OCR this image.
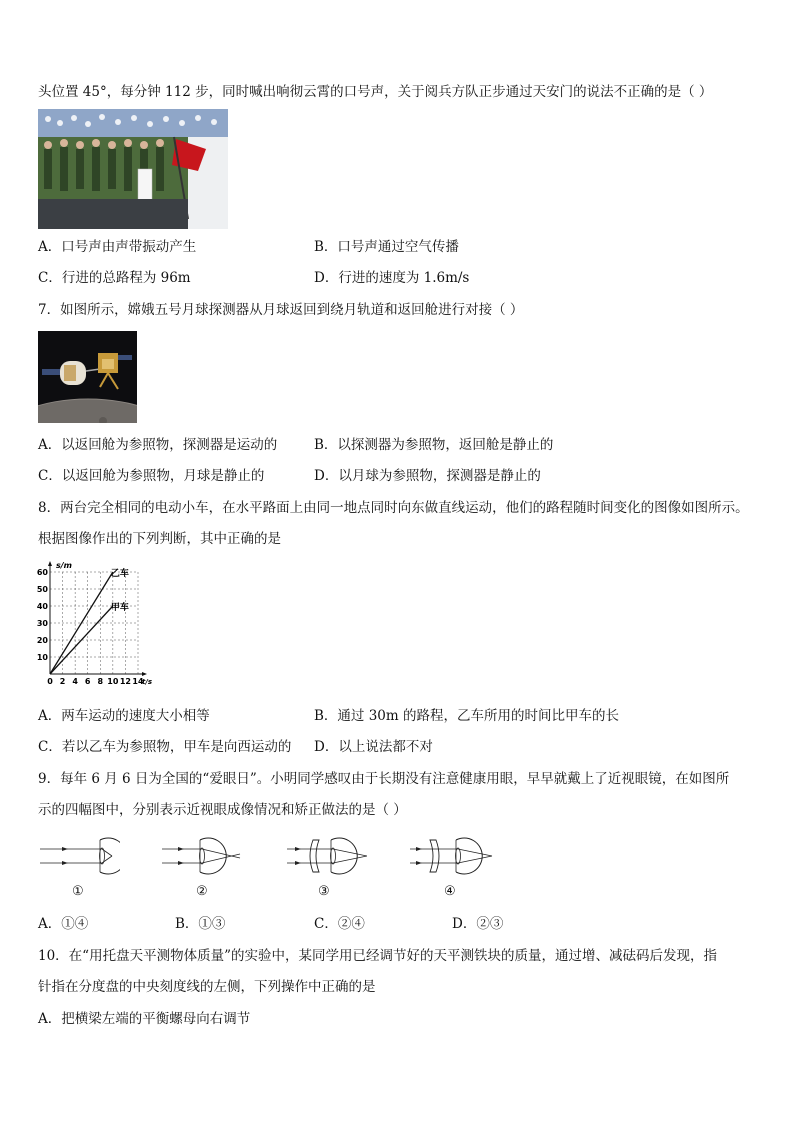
头位置 45°，每分钟 112 步，同时喊出响彻云霄的口号声，关于阅兵方队正步通过天安门的说法不正确的是（ ）
A．口号声由声带振动产生	B．口号声通过空气传播
C．行进的总路程为 96m	D．行进的速度为 1.6m/s
7．如图所示，嫦娥五号月球探测器从月球返回到绕月轨道和返回舱进行对接（ ）
A．以返回舱为参照物，探测器是运动的	B．以探测器为参照物，返回舱是静止的
C．以返回舱为参照物，月球是静止的	D．以月球为参照物，探测器是静止的
8．两台完全相同的电动小车，在水平路面上由同一地点同时向东做直线运动，他们的路程随时间变化的图像如图所示。
根据图像作出的下列判断，其中正确的是
0 2 4 6 8 10 12 14
10
20
30
40
50
60
s/m
t/s
乙车
甲车
A．两车运动的速度大小相等	B．通过 30m 的路程，乙车所用的时间比甲车的长
C．若以乙车为参照物，甲车是向西运动的 D．以上说法都不对
9．每年 6 月 6 日为全国的“爱眼日”。小明同学感叹由于长期没有注意健康用眼，早早就戴上了近视眼镜，在如图所
示的四幅图中，分别表示近视眼成像情况和矫正做法的是（ ）
①	②	③	④
A．①④	B．①③	C．②④	D．②③
10．在“用托盘天平测物体质量”的实验中，某同学用已经调节好的天平测铁块的质量，通过增、减砝码后发现，指
针指在分度盘的中央刻度线的左侧，下列操作中正确的是
A．把横梁左端的平衡螺母向右调节
